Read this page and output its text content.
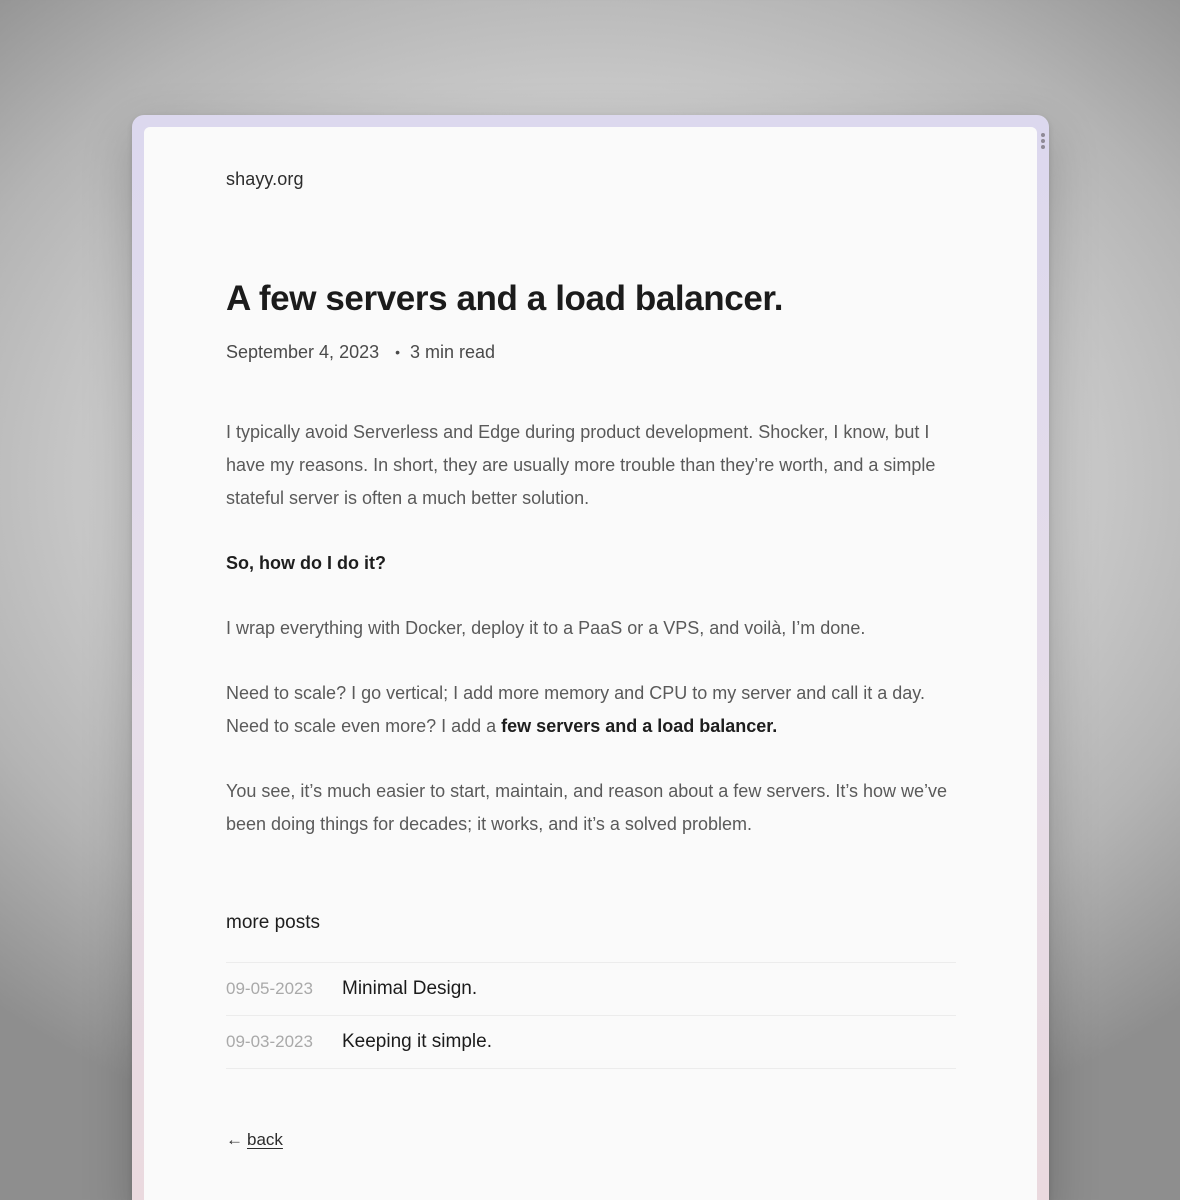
shayy.org
A few servers and a load balancer.
September 4, 2023 • 3 min read

I typically avoid Serverless and Edge during product development. Shocker, I know, but I have my reasons. In short, they are usually more trouble than they’re worth, and a simple stateful server is often a much better solution.

So, how do I do it?

I wrap everything with Docker, deploy it to a PaaS or a VPS, and voilà, I’m done.

Need to scale? I go vertical; I add more memory and CPU to my server and call it a day. Need to scale even more? I add a few servers and a load balancer.

You see, it’s much easier to start, maintain, and reason about a few servers. It’s how we’ve been doing things for decades; it works, and it’s a solved problem.

more posts
09-05-2023	Minimal Design.
09-03-2023	Keeping it simple.
← back
